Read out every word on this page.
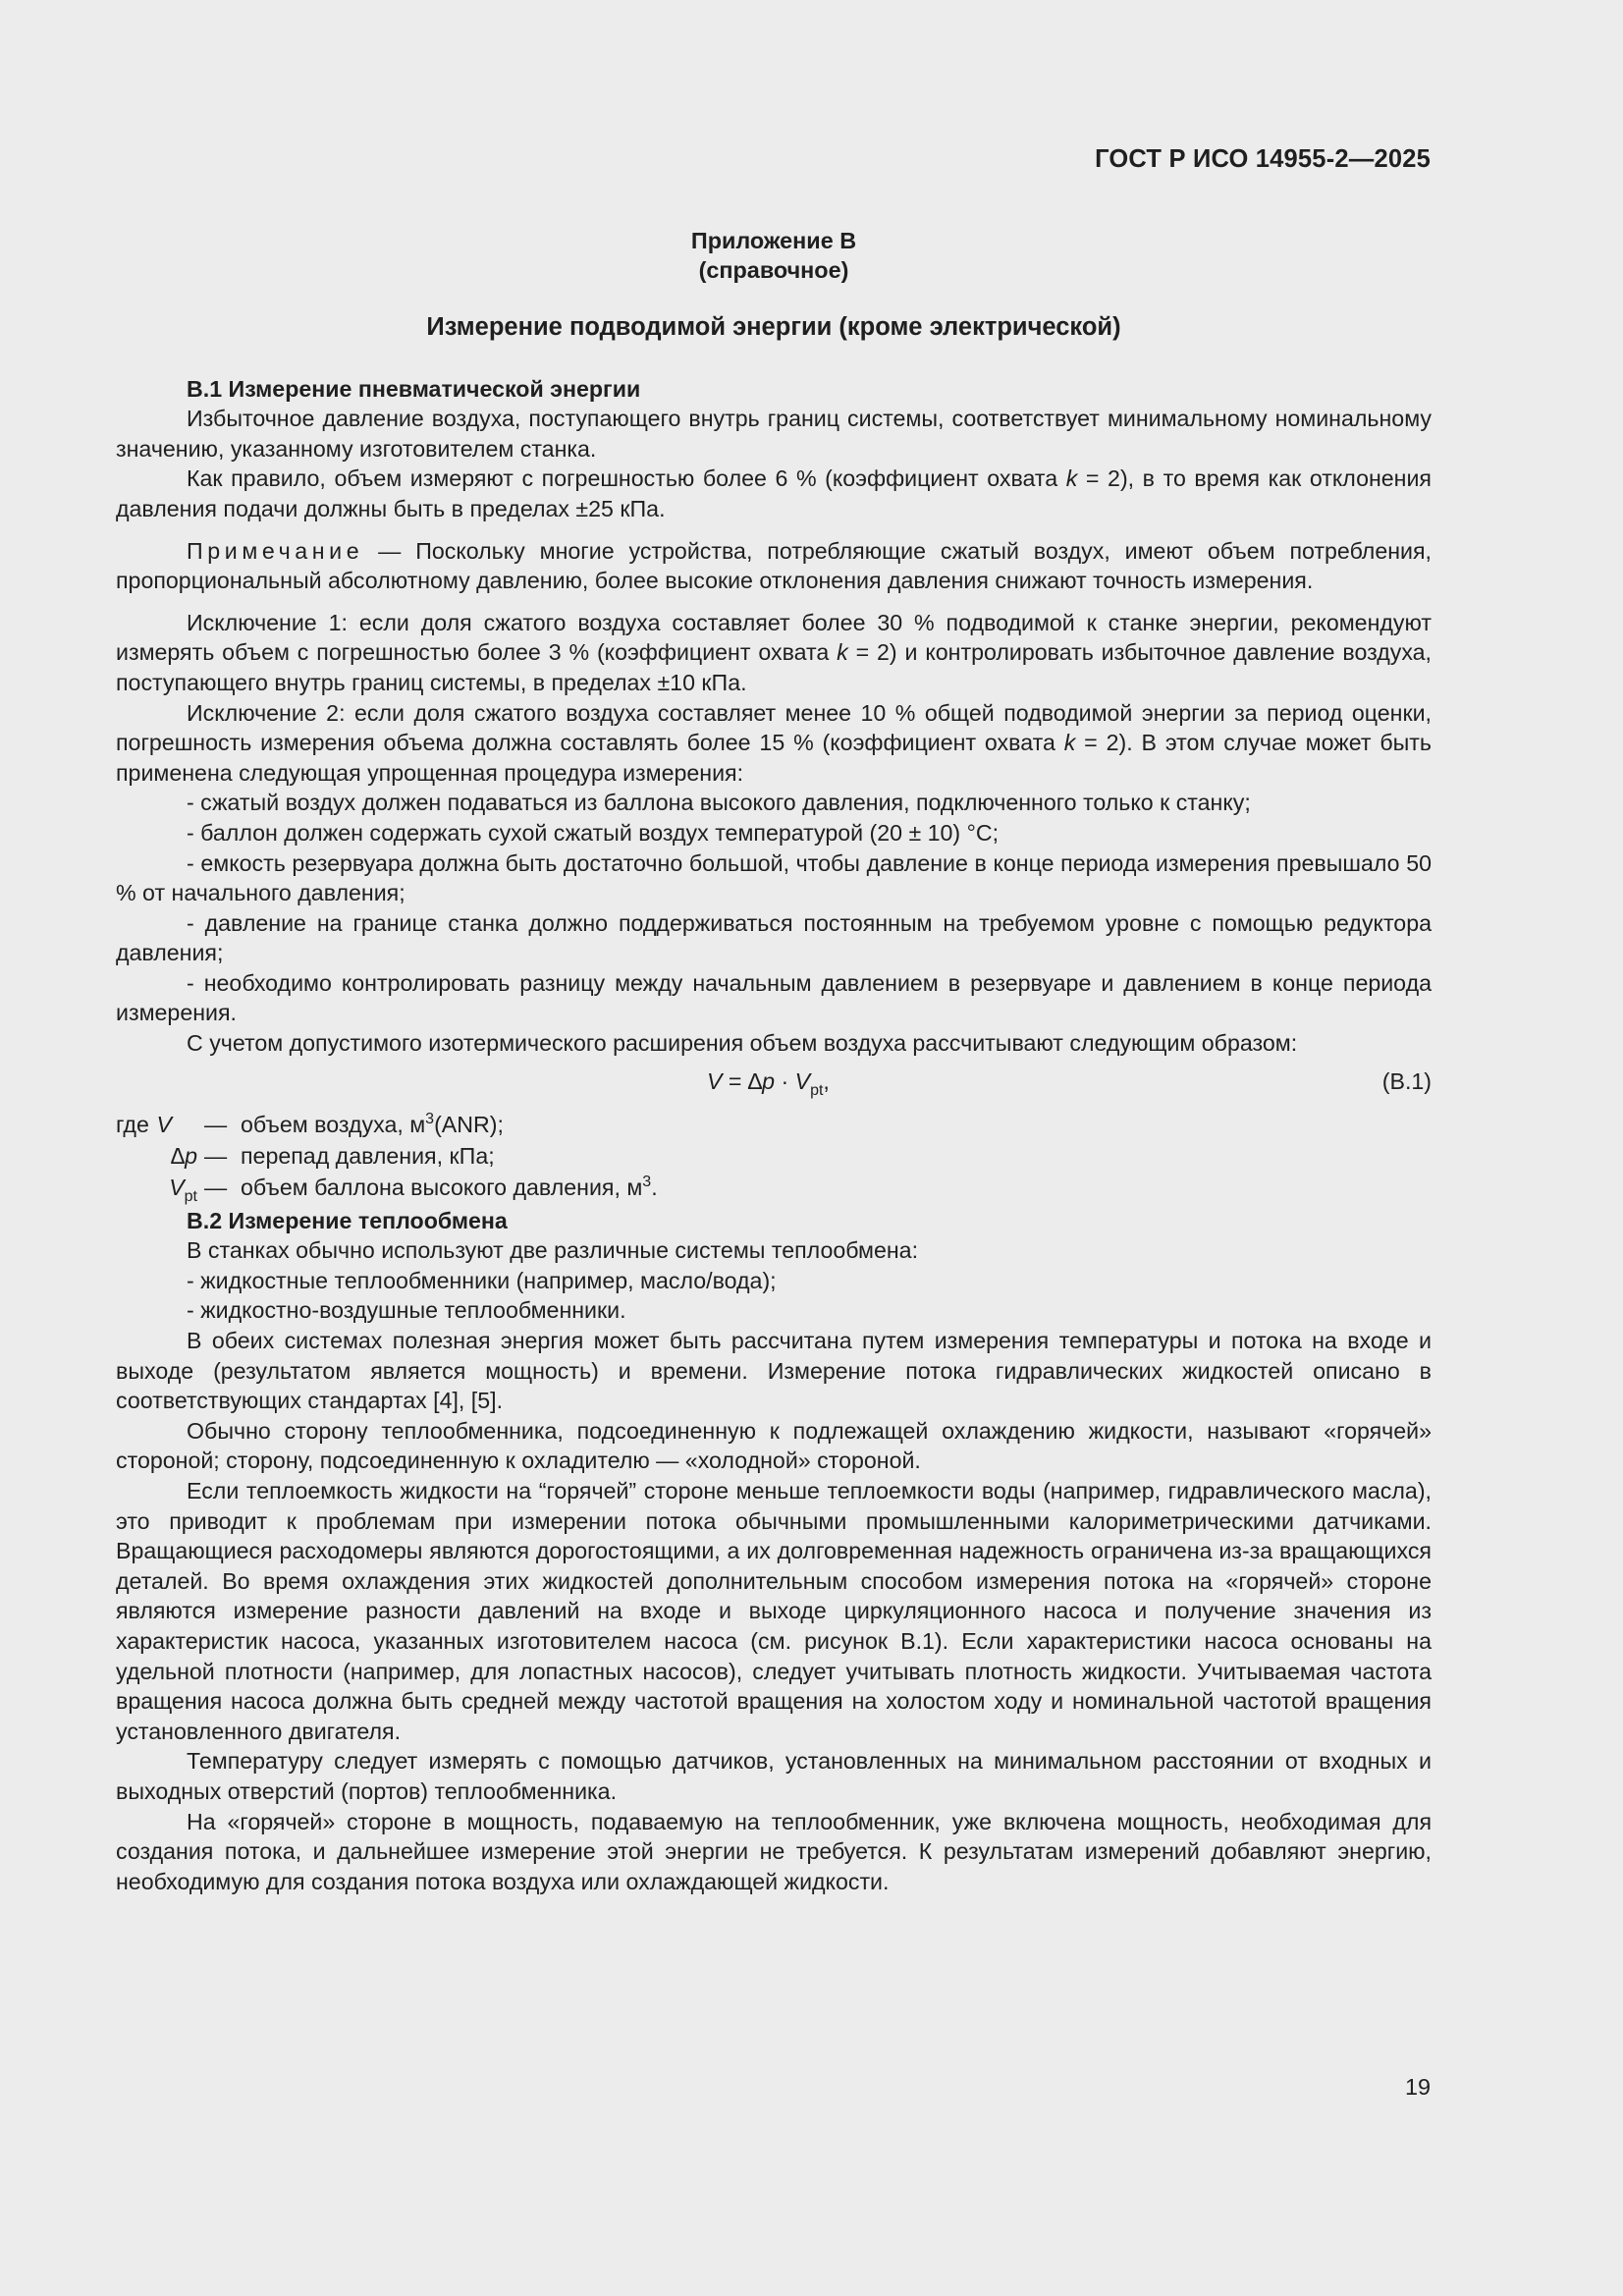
ГОСТ Р ИСО 14955-2—2025
Приложение В
(справочное)
Измерение подводимой энергии (кроме электрической)
В.1 Измерение пневматической энергии

Избыточное давление воздуха, поступающего внутрь границ системы, соответствует минимальному номинальному значению, указанному изготовителем станка.

Как правило, объем измеряют с погрешностью более 6 % (коэффициент охвата k = 2), в то время как отклонения давления подачи должны быть в пределах ±25 кПа.

Примечание — Поскольку многие устройства, потребляющие сжатый воздух, имеют объем потребления, пропорциональный абсолютному давлению, более высокие отклонения давления снижают точность измерения.

Исключение 1: если доля сжатого воздуха составляет более 30 % подводимой к станке энергии, рекомендуют измерять объем с погрешностью более 3 % (коэффициент охвата k = 2) и контролировать избыточное давление воздуха, поступающего внутрь границ системы, в пределах ±10 кПа.

Исключение 2: если доля сжатого воздуха составляет менее 10 % общей подводимой энергии за период оценки, погрешность измерения объема должна составлять более 15 % (коэффициент охвата k = 2). В этом случае может быть применена следующая упрощенная процедура измерения:

- сжатый воздух должен подаваться из баллона высокого давления, подключенного только к станку;

- баллон должен содержать сухой сжатый воздух температурой (20 ± 10) °С;

- емкость резервуара должна быть достаточно большой, чтобы давление в конце периода измерения превышало 50 % от начального давления;

- давление на границе станка должно поддерживаться постоянным на требуемом уровне с помощью редуктора давления;

- необходимо контролировать разницу между начальным давлением в резервуаре и давлением в конце периода измерения.

С учетом допустимого изотермического расширения объем воздуха рассчитывают следующим образом:

$V = \Delta p \cdot V_{pt}$,	(В.1)
где V — объем воздуха, $м^3(ANR)$;
∆p — перепад давления, кПа;
$V_{pt}$ — объем баллона высокого давления, $м^3$.
В.2 Измерение теплообмена

В станках обычно используют две различные системы теплообмена:

- жидкостные теплообменники (например, масло/вода);

- жидкостно-воздушные теплообменники.

В обеих системах полезная энергия может быть рассчитана путем измерения температуры и потока на входе и выходе (результатом является мощность) и времени. Измерение потока гидравлических жидкостей описано в соответствующих стандартах [4], [5].

Обычно сторону теплообменника, подсоединенную к подлежащей охлаждению жидкости, называют «горячей» стороной; сторону, подсоединенную к охладителю — «холодной» стороной.

Если теплоемкость жидкости на “горячей” стороне меньше теплоемкости воды (например, гидравлического масла), это приводит к проблемам при измерении потока обычными промышленными калориметрическими датчиками. Вращающиеся расходомеры являются дорогостоящими, а их долговременная надежность ограничена из-за вращающихся деталей. Во время охлаждения этих жидкостей дополнительным способом измерения потока на «горячей» стороне являются измерение разности давлений на входе и выходе циркуляционного насоса и получение значения из характеристик насоса, указанных изготовителем насоса (см. рисунок В.1). Если характеристики насоса основаны на удельной плотности (например, для лопастных насосов), следует учитывать плотность жидкости. Учитываемая частота вращения насоса должна быть средней между частотой вращения на холостом ходу и номинальной частотой вращения установленного двигателя.

Температуру следует измерять с помощью датчиков, установленных на минимальном расстоянии от входных и выходных отверстий (портов) теплообменника.

На «горячей» стороне в мощность, подаваемую на теплообменник, уже включена мощность, необходимая для создания потока, и дальнейшее измерение этой энергии не требуется. К результатам измерений добавляют энергию, необходимую для создания потока воздуха или охлаждающей жидкости.

19
